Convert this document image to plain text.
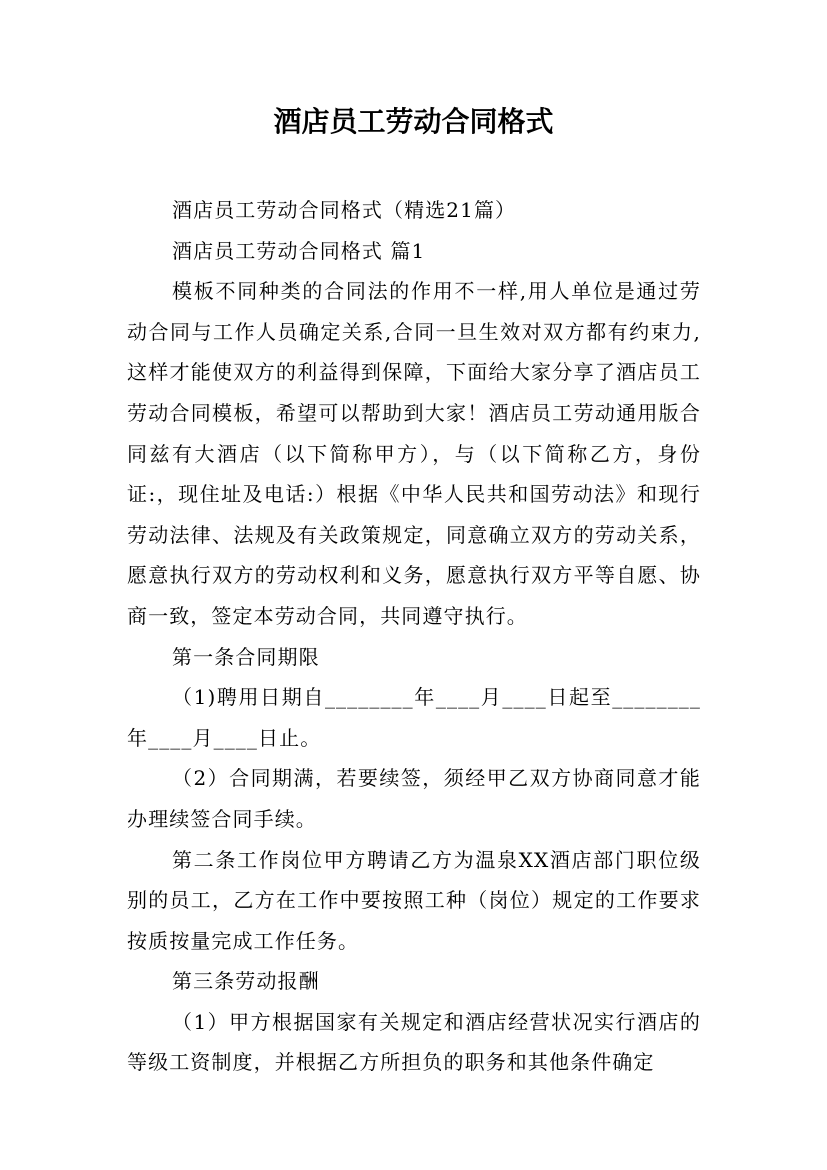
酒店员工劳动合同格式

酒店员工劳动合同格式（精选21篇）

酒店员工劳动合同格式 篇1

模板不同种类的合同法的作用不一样,用人单位是通过劳动合同与工作人员确定关系,合同一旦生效对双方都有约束力,这样才能使双方的利益得到保障，下面给大家分享了酒店员工劳动合同模板，希望可以帮助到大家！酒店员工劳动通用版合同兹有大酒店（以下简称甲方），与（以下简称乙方，身份证:，现住址及电话:）根据《中华人民共和国劳动法》和现行劳动法律、法规及有关政策规定，同意确立双方的劳动关系，愿意执行双方的劳动权利和义务，愿意执行双方平等自愿、协商一致，签定本劳动合同，共同遵守执行。

第一条合同期限

（1)聘用日期自________年____月____日起至________年____月____日止。

（2）合同期满，若要续签，须经甲乙双方协商同意才能办理续签合同手续。

第二条工作岗位甲方聘请乙方为温泉XX酒店部门职位级别的员工，乙方在工作中要按照工种（岗位）规定的工作要求按质按量完成工作任务。

第三条劳动报酬

（1）甲方根据国家有关规定和酒店经营状况实行酒店的等级工资制度，并根据乙方所担负的职务和其他条件确定
